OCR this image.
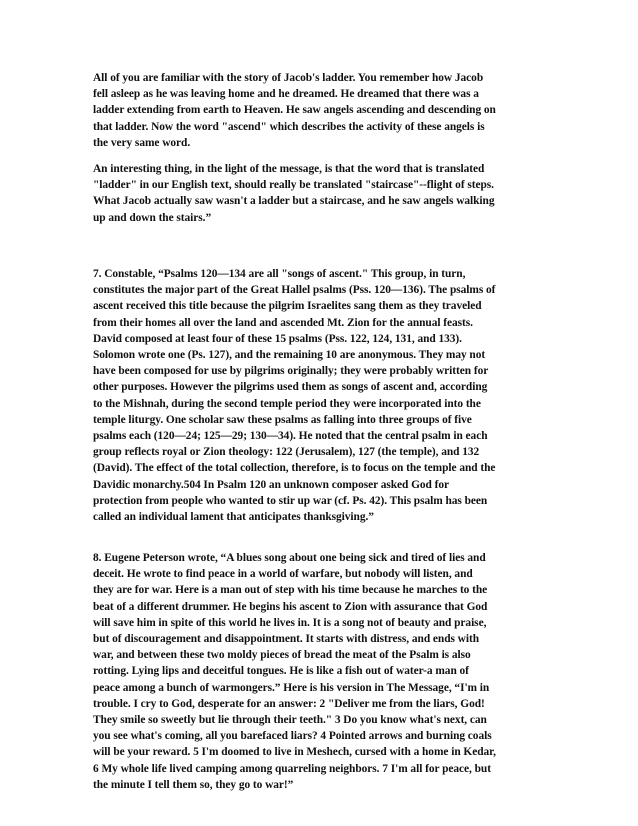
All of you are familiar with the story of Jacob's ladder. You remember how Jacob
fell asleep as he was leaving home and he dreamed. He dreamed that there was a
ladder extending from earth to Heaven. He saw angels ascending and descending on
that ladder. Now the word "ascend" which describes the activity of these angels is
the very same word.

An interesting thing, in the light of the message, is that the word that is translated
"ladder" in our English text, should really be translated "staircase"--flight of steps.
What Jacob actually saw wasn't a ladder but a staircase, and he saw angels walking
up and down the stairs.”

7. Constable, “Psalms 120—134 are all "songs of ascent." This group, in turn,
constitutes the major part of the Great Hallel psalms (Pss. 120—136). The psalms of
ascent received this title because the pilgrim Israelites sang them as they traveled
from their homes all over the land and ascended Mt. Zion for the annual feasts.
David composed at least four of these 15 psalms (Pss. 122, 124, 131, and 133).
Solomon wrote one (Ps. 127), and the remaining 10 are anonymous. They may not
have been composed for use by pilgrims originally; they were probably written for
other purposes. However the pilgrims used them as songs of ascent and, according
to the Mishnah, during the second temple period they were incorporated into the
temple liturgy. One scholar saw these psalms as falling into three groups of five
psalms each (120—24; 125—29; 130—34). He noted that the central psalm in each
group reflects royal or Zion theology: 122 (Jerusalem), 127 (the temple), and 132
(David). The effect of the total collection, therefore, is to focus on the temple and the
Davidic monarchy.504 In Psalm 120 an unknown composer asked God for
protection from people who wanted to stir up war (cf. Ps. 42). This psalm has been
called an individual lament that anticipates thanksgiving.”

8. Eugene Peterson wrote, “A blues song about one being sick and tired of lies and
deceit. He wrote to find peace in a world of warfare, but nobody will listen, and
they are for war. Here is a man out of step with his time because he marches to the
beat of a different drummer. He begins his ascent to Zion with assurance that God
will save him in spite of this world he lives in. It is a song not of beauty and praise,
but of discouragement and disappointment. It starts with distress, and ends with
war, and between these two moldy pieces of bread the meat of the Psalm is also
rotting. Lying lips and deceitful tongues. He is like a fish out of water-a man of
peace among a bunch of warmongers.” Here is his version in The Message, “I'm in
trouble. I cry to God, desperate for an answer: 2 "Deliver me from the liars, God!
They smile so sweetly but lie through their teeth." 3 Do you know what's next, can
you see what's coming, all you barefaced liars? 4 Pointed arrows and burning coals
will be your reward. 5 I'm doomed to live in Meshech, cursed with a home in Kedar,
6 My whole life lived camping among quarreling neighbors. 7 I'm all for peace, but
the minute I tell them so, they go to war!”
